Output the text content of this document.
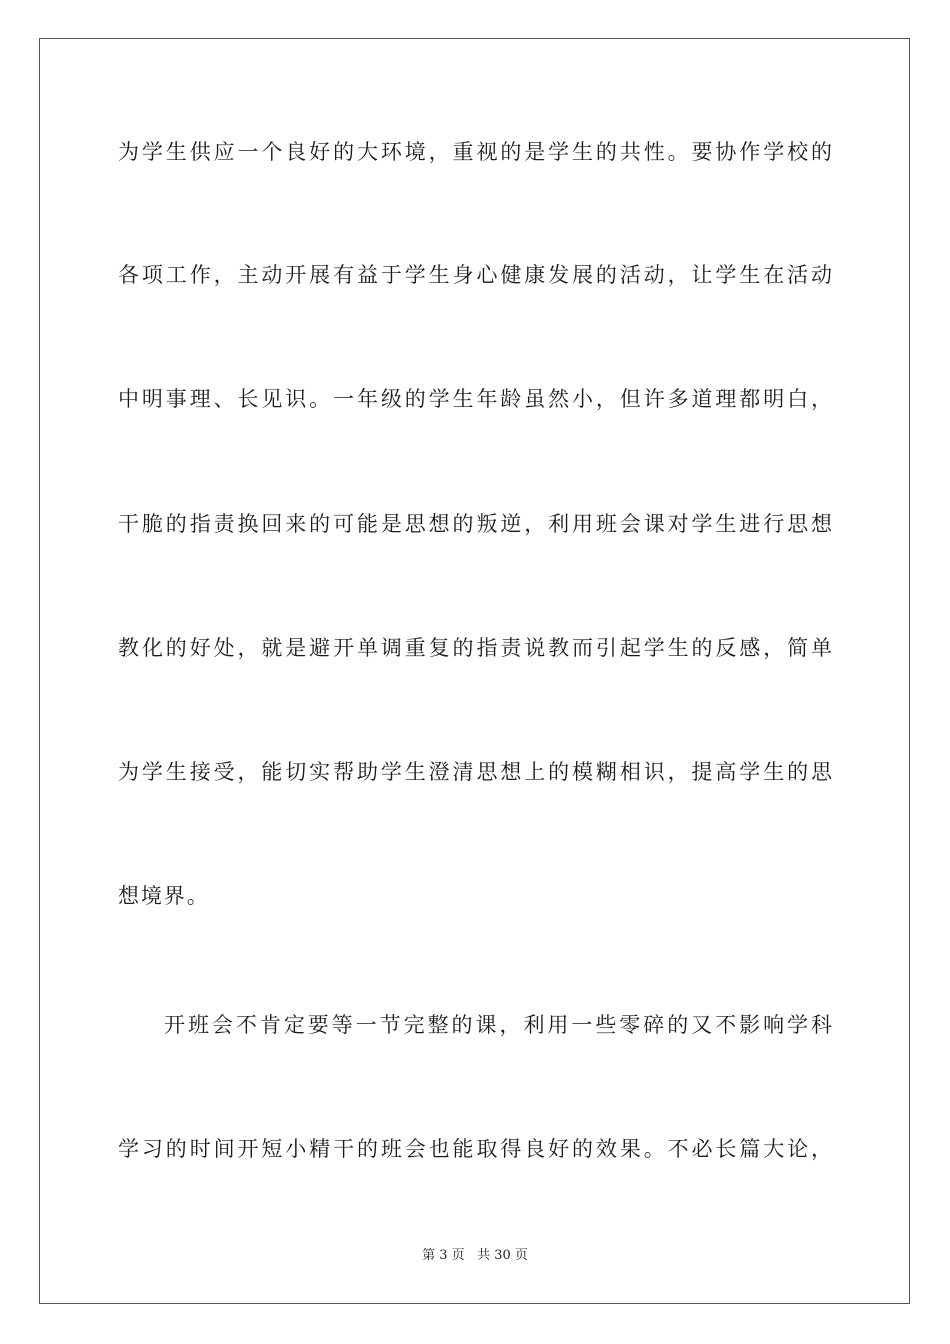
为学生供应一个良好的大环境，重视的是学生的共性。要协作学校的
各项工作，主动开展有益于学生身心健康发展的活动，让学生在活动
中明事理、长见识。一年级的学生年龄虽然小，但许多道理都明白，
干脆的指责换回来的可能是思想的叛逆，利用班会课对学生进行思想
教化的好处，就是避开单调重复的指责说教而引起学生的反感，简单
为学生接受，能切实帮助学生澄清思想上的模糊相识，提高学生的思
想境界。
开班会不肯定要等一节完整的课，利用一些零碎的又不影响学科
学习的时间开短小精干的班会也能取得良好的效果。不必长篇大论，
第 3 页 共 30 页
